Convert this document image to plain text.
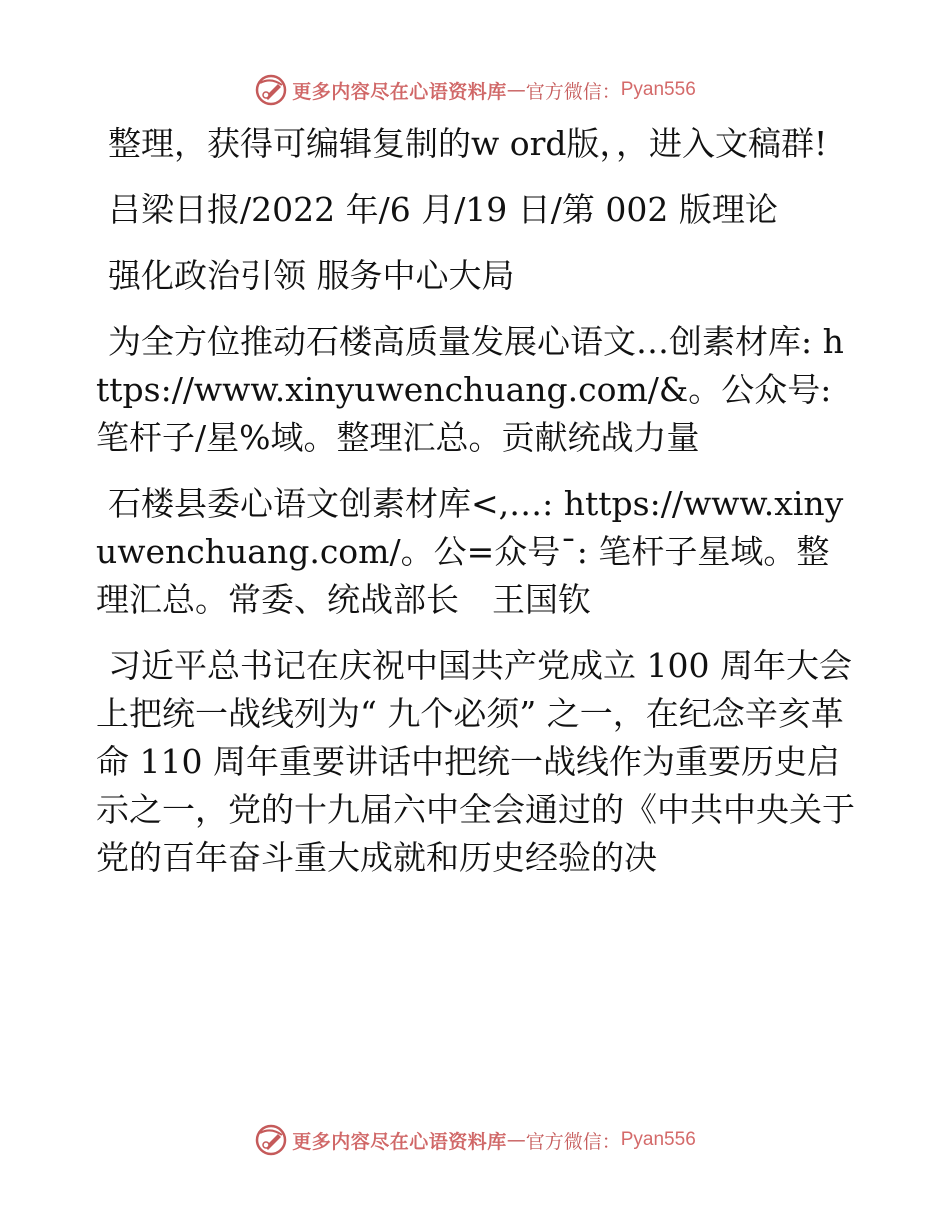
更多内容尽在心语资料库 — 官方微信： Pyan556

整理，获得可编辑复制的w ord版，，进入文稿群!

吕梁日报/2022 年/6 月/19 日/第 002 版理论

强化政治引领 服务中心大局

为全方位推动石楼高质量发展心语文…创素材库: https://www.xinyuwenchuang.com/&。公众号: 笔杆子/星%域。整理汇总。贡献统战力量

石楼县委心语文创素材库<,…: https://www.xinyuwenchuang.com/。公=众号¯: 笔杆子星域。整理汇总。常委、统战部长　王国钦

习近平总书记在庆祝中国共产党成立 100 周年大会上把统一战线列为“ 九个必须” 之一，在纪念辛亥革命 110 周年重要讲话中把统一战线作为重要历史启示之一，党的十九届六中全会通过的《中共中央关于党的百年奋斗重大成就和历史经验的决

更多内容尽在心语资料库 — 官方微信： Pyan556
